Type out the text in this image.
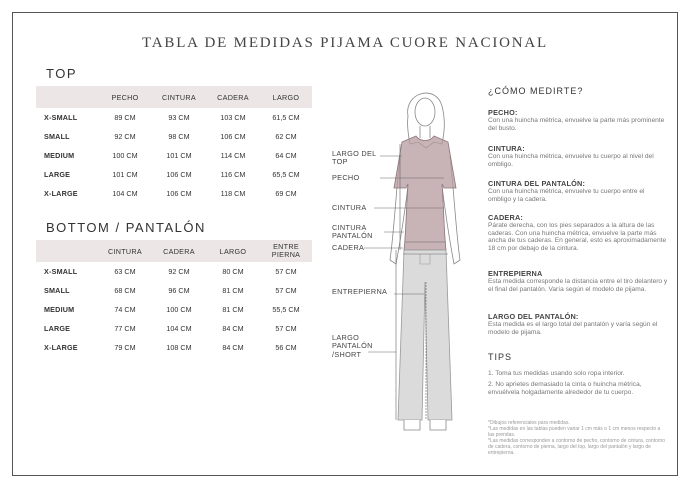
TABLA DE MEDIDAS PIJAMA CUORE NACIONAL
TOP
	PECHO	CINTURA	CADERA	LARGO
X-SMALL	89 CM	93 CM	103 CM	61,5 CM
SMALL	92 CM	98 CM	106 CM	62 CM
MEDIUM	100 CM	101 CM	114 CM	64 CM
LARGE	101 CM	106 CM	116 CM	65,5 CM
X-LARGE	104 CM	106 CM	118 CM	69 CM
BOTTOM / PANTALÓN
	CINTURA	CADERA	LARGO	ENTRE PIERNA
X-SMALL	63 CM	92 CM	80 CM	57 CM
SMALL	68 CM	96 CM	81 CM	57 CM
MEDIUM	74 CM	100 CM	81 CM	55,5 CM
LARGE	77 CM	104 CM	84 CM	57 CM
X-LARGE	79 CM	108 CM	84 CM	56 CM
LARGO DEL TOP
PECHO
CINTURA
CINTURA PANTALÓN
CADERA
ENTREPIERNA
LARGO PANTALÓN /SHORT
¿CÓMO MEDIRTE?
PECHO:
Con una huincha métrica, envuelve la parte más prominente del busto.
CINTURA:
Con una huincha métrica, envuelve tu cuerpo al nivel del ombligo.
CINTURA DEL PANTALÓN:
Con una huincha métrica, envuelve tu cuerpo entre el ombligo y la cadera.
CADERA:
Párate derecha, con los pies separados a la altura de las caderas. Con una huincha métrica, envuelve la parte más ancha de tus caderas. En general, esto es aproximadamente 18 cm por debajo de la cintura.
ENTREPIERNA
Esta medida corresponde la distancia entre el tiro delantero y el final del pantalón. Varía según el modelo de pijama.
LARGO DEL PANTALÓN:
Esta medida es el largo total del pantalón y varía según el modelo de pijama.
TIPS
1. Toma tus medidas usando solo ropa interior.
2. No aprietes demasiado la cinta o huincha métrica, envuélvela holgadamente alrededor de tu cuerpo.
*Dibujos referenciales para medidas.
*Las medidas en las tablas pueden variar 1 cm más o 1 cm menos respecto a las prendas.
*Las medidas corresponden a contorno de pecho, contorno de cintura, contorno de cadera, contorno de pierna, largo del top, largo del pantalón y largo de entrepierna.
